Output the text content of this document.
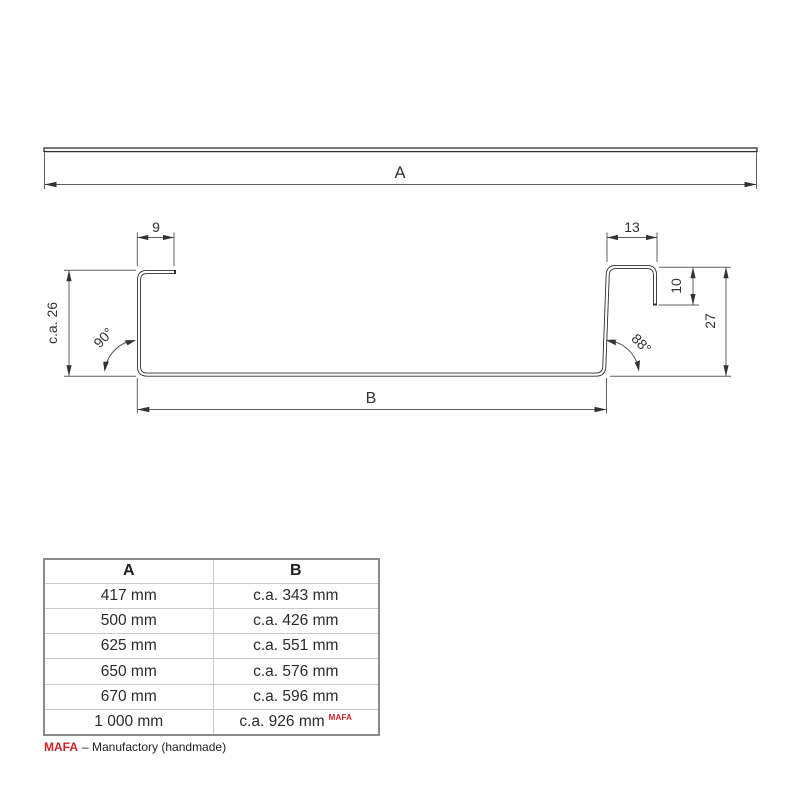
A
9	13
c.a. 26 90°	88°
10
27
B
A	B
417 mm	c.a. 343 mm
500 mm	c.a. 426 mm
625 mm	c.a. 551 mm
650 mm	c.a. 576 mm
670 mm	c.a. 596 mm
1 000 mm	c.a. 926 mm $^{MAFA}$
MAFA – Manufactory (handmade)
